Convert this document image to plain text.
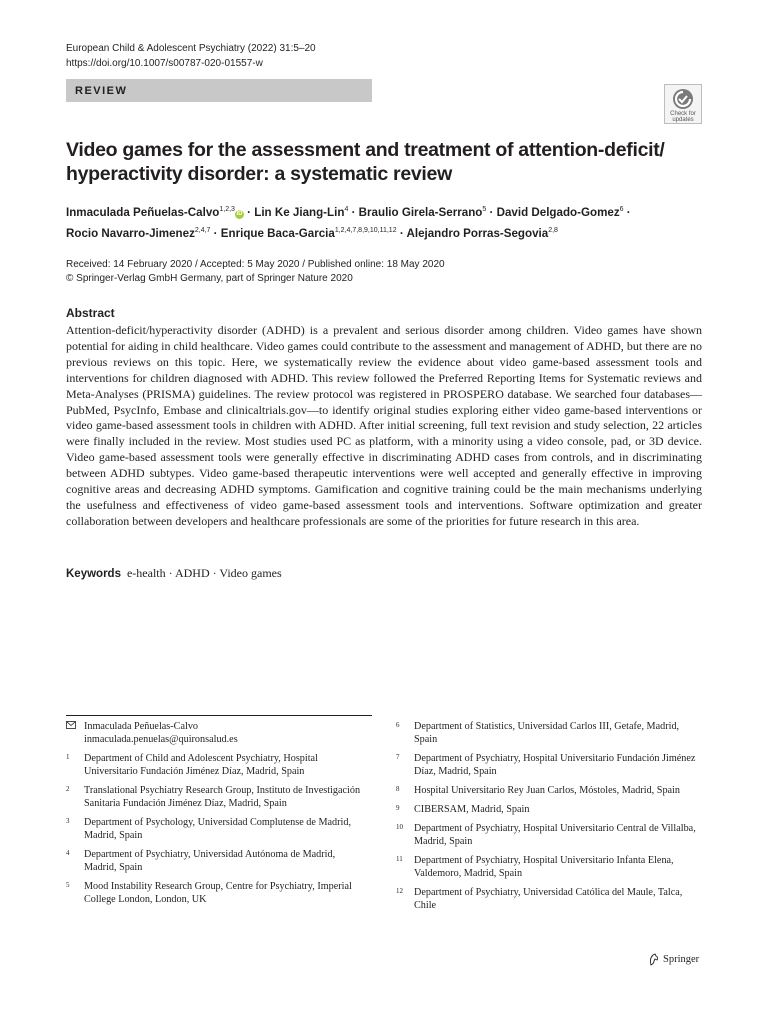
European Child & Adolescent Psychiatry (2022) 31:5–20
https://doi.org/10.1007/s00787-020-01557-w
REVIEW
Check for
updates
Video games for the assessment and treatment of attention-deficit/ hyperactivity disorder: a systematic review
Inmaculada Peñuelas-Calvo$^{1,2,3}$iD · Lin Ke Jiang-Lin$^4$ · Braulio Girela-Serrano$^5$ · David Delgado-Gomez$^6$ ·
Rocio Navarro-Jimenez$^{2,4,7}$ · Enrique Baca-Garcia$^{1,2,4,7,8,9,10,11,12}$ · Alejandro Porras-Segovia$^{2,8}$
Received: 14 February 2020 / Accepted: 5 May 2020 / Published online: 18 May 2020
© Springer-Verlag GmbH Germany, part of Springer Nature 2020
Abstract

Attention-deficit/hyperactivity disorder (ADHD) is a prevalent and serious disorder among children. Video games have shown potential for aiding in child healthcare. Video games could contribute to the assessment and management of ADHD, but there are no previous reviews on this topic. Here, we systematically review the evidence about video game-based assessment tools and interventions for children diagnosed with ADHD. This review followed the Preferred Reporting Items for Systematic reviews and Meta-Analyses (PRISMA) guidelines. The review protocol was registered in PROSPERO database. We searched four databases—PubMed, PsycInfo, Embase and clinicaltrials.gov—to identify original studies exploring either video game-based interventions or video game-based assessment tools in children with ADHD. After initial screening, full text revision and study selection, 22 articles were finally included in the review. Most studies used PC as platform, with a minority using a video console, pad, or 3D device. Video game-based assessment tools were generally effective in discriminating ADHD cases from controls, and in discriminating between ADHD subtypes. Video game-based therapeutic interventions were well accepted and generally effective in improving cognitive areas and decreasing ADHD symptoms. Gamification and cognitive training could be the main mechanisms underlying the usefulness and effectiveness of video game-based assessment tools and interventions. Software optimization and greater collaboration between developers and healthcare professionals are some of the priorities for future research in this area.

Keywords e-health · ADHD · Video games
Inmaculada Peñuelas-Calvo
inmaculada.penuelas@quironsalud.es
1	Department of Child and Adolescent Psychiatry, Hospital Universitario Fundación Jiménez Díaz, Madrid, Spain
2	Translational Psychiatry Research Group, Instituto de Investigación Sanitaria Fundación Jiménez Díaz, Madrid, Spain
3	Department of Psychology, Universidad Complutense de Madrid, Madrid, Spain
4	Department of Psychiatry, Universidad Autónoma de Madrid, Madrid, Spain
5	Mood Instability Research Group, Centre for Psychiatry, Imperial College London, London, UK
6	Department of Statistics, Universidad Carlos III, Getafe, Madrid, Spain
7	Department of Psychiatry, Hospital Universitario Fundación Jiménez Díaz, Madrid, Spain
8	Hospital Universitario Rey Juan Carlos, Móstoles, Madrid, Spain
9	CIBERSAM, Madrid, Spain
10	Department of Psychiatry, Hospital Universitario Central de Villalba, Madrid, Spain
11	Department of Psychiatry, Hospital Universitario Infanta Elena, Valdemoro, Madrid, Spain
12	Department of Psychiatry, Universidad Católica del Maule, Talca, Chile
Springer
